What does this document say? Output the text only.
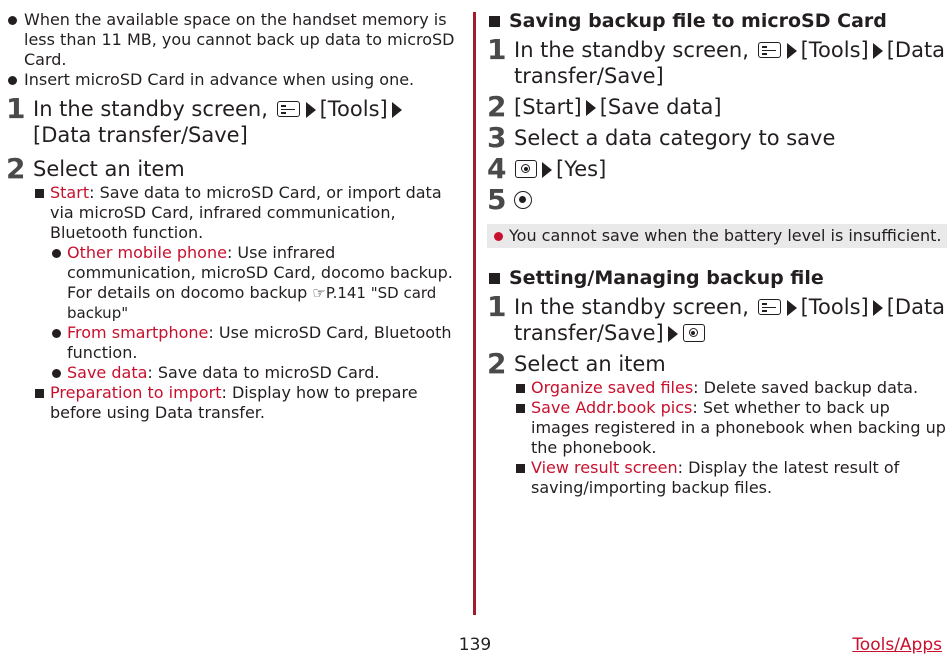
When the available space on the handset memory is less than 11 MB, you cannot back up data to microSD Card.
Insert microSD Card in advance when using one.
1 In the standby screen,
[Tools][Data transfer/Save]
2 Select an item
Start: Save data to microSD Card, or import data via microSD Card, infrared communication, Bluetooth function.
Other mobile phone: Use infrared communication, microSD Card, docomo backup. For details on docomo backup ☞P.141 "SD card backup"
From smartphone: Use microSD Card, Bluetooth function.
Save data: Save data to microSD Card.
Preparation to import: Display how to prepare before using Data transfer.
Saving backup file to microSD Card
1 In the standby screen,
[Tools] [Data transfer/Save]
2 [Start] [Save data]
3 Select a data category to save
4 [Yes]
5
You cannot save when the battery level is insufficient.
Setting/Managing backup file
1 In the standby screen,
[Tools] [Data transfer/Save]
2 Select an item
Organize saved files: Delete saved backup data.
Save Addr.book pics: Set whether to back up images registered in a phonebook when backing up the phonebook.
View result screen: Display the latest result of saving/importing backup files.
139	Tools/Apps
